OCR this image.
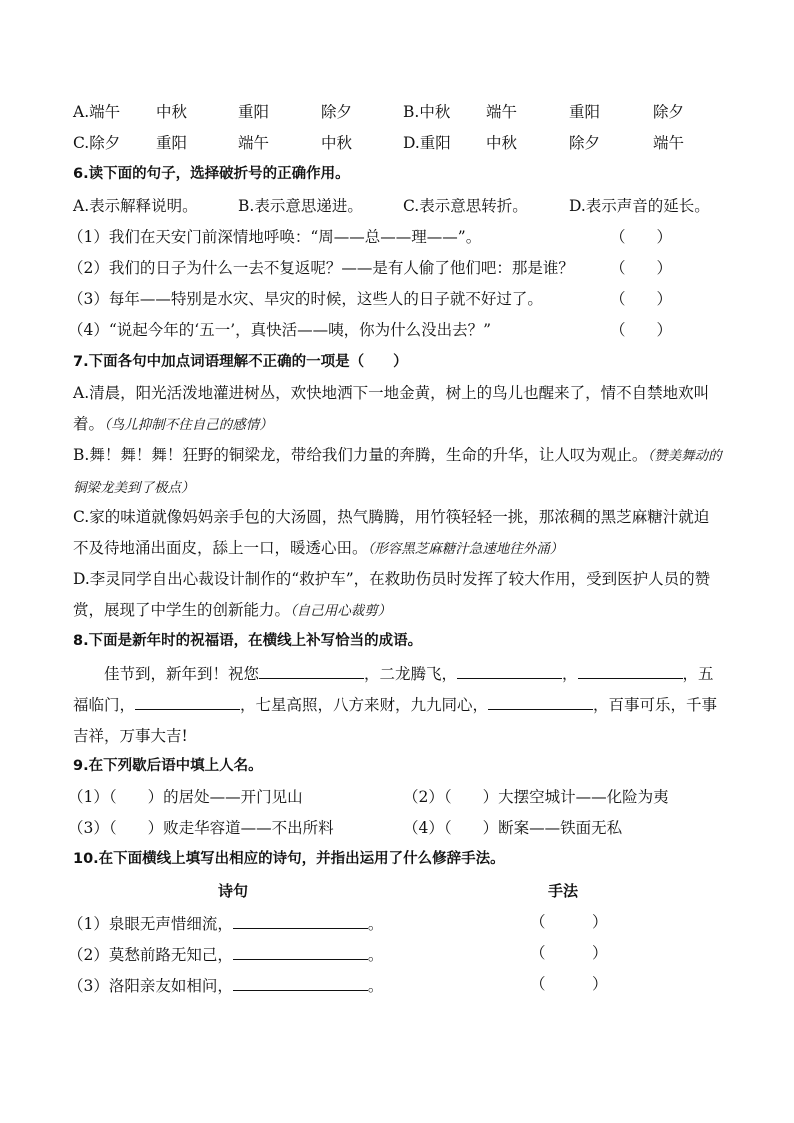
A.端午 中秋	重阳	除夕	B.中秋 端午	重阳	除夕
C.除夕 重阳	端午	中秋	D.重阳 中秋	除夕	端午
6.读下面的句子，选择破折号的正确作用。
A.表示解释说明。	B.表示意思递进。	C.表示意思转折。	D.表示声音的延长。
（1）我们在天安门前深情地呼唤：“周——总——理——”。	（　　）
（2）我们的日子为什么一去不复返呢？——是有人偷了他们吧：那是谁？ （　　）
（3）每年——特别是水灾、旱灾的时候，这些人的日子就不好过了。	（　　）
（4）“说起今年的‘五一’，真快活——咦，你为什么没出去？”	（　　）
7.下面各句中加点词语理解不正确的一项是（　　）
A.清晨，阳光活泼地灌进树丛，欢快地洒下一地金黄，树上的鸟儿也醒来了，情不自禁地欢叫着。（鸟儿抑制不住自己的感情）
B.舞！舞！舞！狂野的铜梁龙，带给我们力量的奔腾，生命的升华，让人叹为观止。（赞美舞动的铜梁龙美到了极点）
C.家的味道就像妈妈亲手包的大汤圆，热气腾腾，用竹筷轻轻一挑，那浓稠的黑芝麻糖汁就迫不及待地涌出面皮，舔上一口，暖透心田。（形容黑芝麻糖汁急速地往外涌）
D.李灵同学自出心裁设计制作的“救护车”，在救助伤员时发挥了较大作用，受到医护人员的赞赏，展现了中学生的创新能力。（自己用心裁剪）
8.下面是新年时的祝福语，在横线上补写恰当的成语。
佳节到，新年到！祝您	，二龙腾飞，	，	，五福临门，	，七星高照，八方来财，九九同心，	，百事可乐，千事吉祥，万事大吉!
9.在下列歇后语中填上人名。
（1）（　　）的居处——开门见山	（2）（　　）大摆空城计——化险为夷
（3）（　　）败走华容道——不出所料	（4）（　　）断案——铁面无私
10.在下面横线上填写出相应的诗句，并指出运用了什么修辞手法。
诗句	手法
（1）泉眼无声惜细流，	。	（　　　）
（2）莫愁前路无知己，	。	（　　　）
（3）洛阳亲友如相问，	。	（　　　）
